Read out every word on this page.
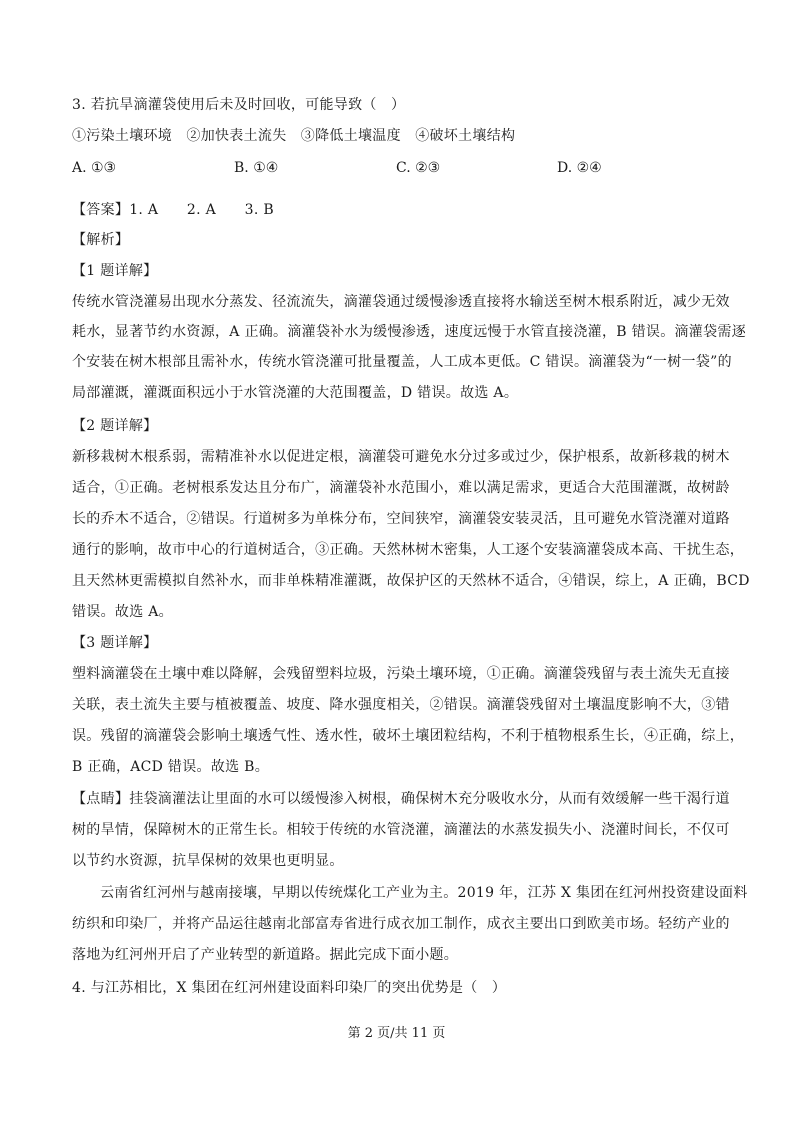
3. 若抗旱滴灌袋使用后未及时回收，可能导致（　）
①污染土壤环境　②加快表土流失　③降低土壤温度　④破坏土壤结构
A. ①③	B. ①④	C. ②③	D. ②④
【答案】1. A　　2. A　　3. B
【解析】
【1 题详解】
传统水管浇灌易出现水分蒸发、径流流失，滴灌袋通过缓慢渗透直接将水输送至树木根系附近，减少无效
耗水，显著节约水资源，A 正确。滴灌袋补水为缓慢渗透，速度远慢于水管直接浇灌，B 错误。滴灌袋需逐
个安装在树木根部且需补水，传统水管浇灌可批量覆盖，人工成本更低。C 错误。滴灌袋为“一树一袋”的
局部灌溉，灌溉面积远小于水管浇灌的大范围覆盖，D 错误。故选 A。
【2 题详解】
新移栽树木根系弱，需精准补水以促进定根，滴灌袋可避免水分过多或过少，保护根系，故新移栽的树木
适合，①正确。老树根系发达且分布广，滴灌袋补水范围小，难以满足需求，更适合大范围灌溉，故树龄
长的乔木不适合，②错误。行道树多为单株分布，空间狭窄，滴灌袋安装灵活，且可避免水管浇灌对道路
通行的影响，故市中心的行道树适合，③正确。天然林树木密集，人工逐个安装滴灌袋成本高、干扰生态，
且天然林更需模拟自然补水，而非单株精准灌溉，故保护区的天然林不适合，④错误，综上，A 正确，BCD
错误。故选 A。
【3 题详解】
塑料滴灌袋在土壤中难以降解，会残留塑料垃圾，污染土壤环境，①正确。滴灌袋残留与表土流失无直接
关联，表土流失主要与植被覆盖、坡度、降水强度相关，②错误。滴灌袋残留对土壤温度影响不大，③错
误。残留的滴灌袋会影响土壤透气性、透水性，破坏土壤团粒结构，不利于植物根系生长，④正确，综上，
B 正确，ACD 错误。故选 B。
【点睛】挂袋滴灌法让里面的水可以缓慢渗入树根，确保树木充分吸收水分，从而有效缓解一些干渴行道
树的旱情，保障树木的正常生长。相较于传统的水管浇灌，滴灌法的水蒸发损失小、浇灌时间长，不仅可
以节约水资源，抗旱保树的效果也更明显。
云南省红河州与越南接壤，早期以传统煤化工产业为主。2019 年，江苏 X 集团在红河州投资建设面料
纺织和印染厂，并将产品运往越南北部富寿省进行成衣加工制作，成衣主要出口到欧美市场。轻纺产业的
落地为红河州开启了产业转型的新道路。据此完成下面小题。
4. 与江苏相比，X 集团在红河州建设面料印染厂的突出优势是（　）
第 2 页/共 11 页
